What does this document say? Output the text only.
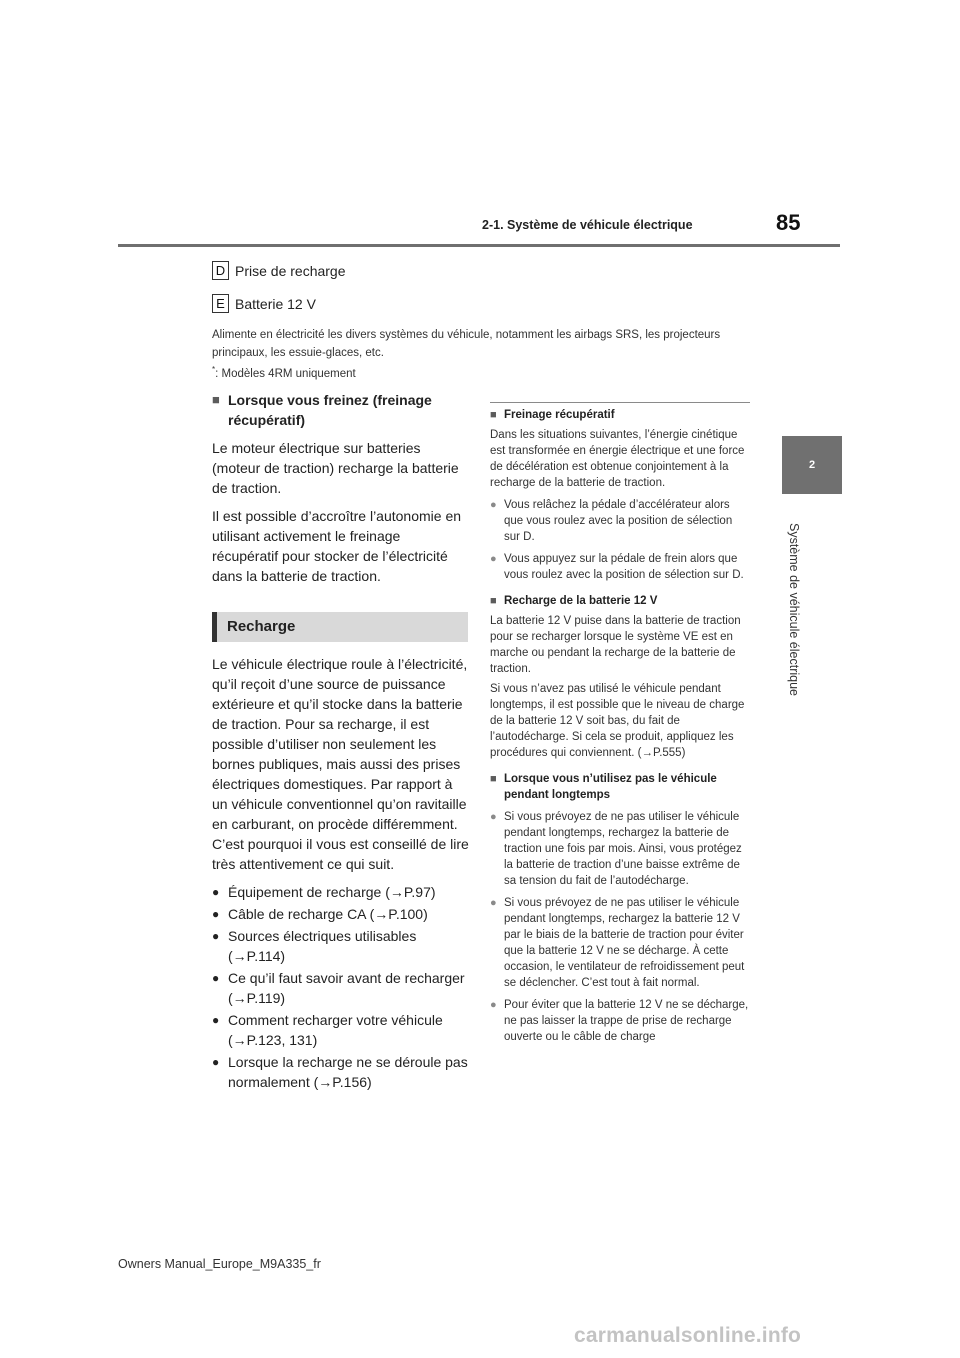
2-1. Système de véhicule électrique	85
2
Système de véhicule électrique
D Prise de recharge
E Batterie 12 V

Alimente en électricité les divers systèmes du véhicule, notamment les airbags SRS, les projecteurs principaux, les essuie-glaces, etc.

*: Modèles 4RM uniquement
■ Lorsque vous freinez (freinage récupératif)

Le moteur électrique sur batteries (moteur de traction) recharge la batterie de traction.

Il est possible d’accroître l’autonomie en utilisant activement le freinage récupératif pour stocker de l’électricité dans la batterie de traction.

Recharge

Le véhicule électrique roule à l’électricité, qu’il reçoit d’une source de puissance extérieure et qu’il stocke dans la batterie de traction. Pour sa recharge, il est possible d’utiliser non seulement les bornes publiques, mais aussi des prises électriques domestiques. Par rapport à un véhicule conventionnel qu’on ravitaille en carburant, on procède différemment. C’est pourquoi il vous est conseillé de lire très attentivement ce qui suit.

● Équipement de recharge (→P.97)
● Câble de recharge CA (→P.100)
● Sources électriques utilisables (→P.114)
● Ce qu’il faut savoir avant de recharger (→P.119)
● Comment recharger votre véhicule (→P.123, 131)
● Lorsque la recharge ne se déroule pas normalement (→P.156)
■ Freinage récupératif

Dans les situations suivantes, l’énergie cinétique est transformée en énergie électrique et une force de décélération est obtenue conjointement à la recharge de la batterie de traction.

● Vous relâchez la pédale d’accélérateur alors que vous roulez avec la position de sélection sur D.
● Vous appuyez sur la pédale de frein alors que vous roulez avec la position de sélection sur D.
■ Recharge de la batterie 12 V

La batterie 12 V puise dans la batterie de traction pour se recharger lorsque le système VE est en marche ou pendant la recharge de la batterie de traction.

Si vous n’avez pas utilisé le véhicule pendant longtemps, il est possible que le niveau de charge de la batterie 12 V soit bas, du fait de l’autodécharge. Si cela se produit, appliquez les procédures qui conviennent. (→P.555)

■ Lorsque vous n’utilisez pas le véhicule pendant longtemps
● Si vous prévoyez de ne pas utiliser le véhicule pendant longtemps, rechargez la batterie de traction une fois par mois. Ainsi, vous protégez la batterie de traction d’une baisse extrême de sa tension du fait de l’autodécharge.
● Si vous prévoyez de ne pas utiliser le véhicule pendant longtemps, rechargez la batterie 12 V par le biais de la batterie de traction pour éviter que la batterie 12 V ne se décharge. À cette occasion, le ventilateur de refroidissement peut se déclencher. C’est tout à fait normal.
● Pour éviter que la batterie 12 V ne se décharge, ne pas laisser la trappe de prise de recharge ouverte ou le câble de charge
Owners Manual_Europe_M9A335_fr
carmanualsonline.info
